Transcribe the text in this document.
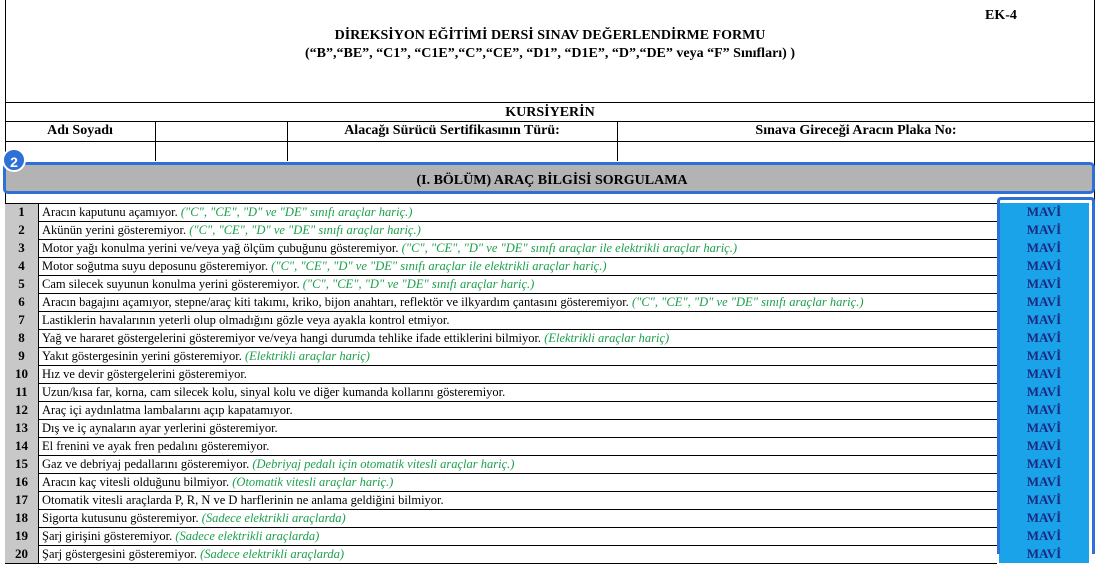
EK-4
DİREKSİYON EĞİTİMİ DERSİ SINAV DEĞERLENDİRME FORMU
(“B”,“BE”, “C1”, “C1E”,“C”,“CE”, “D1”, “D1E”, “D”,“DE” veya “F” Sınıfları) )
KURSİYERİN
Adı Soyadı	Alacağı Sürücü Sertifikasının Türü:	Sınava Gireceği Aracın Plaka No:
(I. BÖLÜM) ARAÇ BİLGİSİ SORGULAMA
2
1	Aracın kaputunu açamıyor. ("C", "CE", "D" ve "DE" sınıfı araçlar hariç.)	MAVİ
2	Akünün yerini gösteremiyor. ("C", "CE", "D" ve "DE" sınıfı araçlar hariç.)	MAVİ
3	Motor yağı konulma yerini ve/veya yağ ölçüm çubuğunu gösteremiyor. ("C", "CE", "D" ve "DE" sınıfı araçlar ile elektrikli araçlar hariç.)	MAVİ
4	Motor soğutma suyu deposunu gösteremiyor. ("C", "CE", "D" ve "DE" sınıfı araçlar ile elektrikli araçlar hariç.)	MAVİ
5	Cam silecek suyunun konulma yerini gösteremiyor. ("C", "CE", "D" ve "DE" sınıfı araçlar hariç.)	MAVİ
6	Aracın bagajını açamıyor, stepne/araç kiti takımı, kriko, bijon anahtarı, reflektör ve ilkyardım çantasını gösteremiyor. ("C", "CE", "D" ve "DE" sınıfı araçlar hariç.)	MAVİ
7	Lastiklerin havalarının yeterli olup olmadığını gözle veya ayakla kontrol etmiyor.	MAVİ
8	Yağ ve hararet göstergelerini gösteremiyor ve/veya hangi durumda tehlike ifade ettiklerini bilmiyor. (Elektrikli araçlar hariç)	MAVİ
9	Yakıt göstergesinin yerini gösteremiyor. (Elektrikli araçlar hariç)	MAVİ
10	Hız ve devir göstergelerini gösteremiyor.	MAVİ
11	Uzun/kısa far, korna, cam silecek kolu, sinyal kolu ve diğer kumanda kollarını gösteremiyor.	MAVİ
12	Araç içi aydınlatma lambalarını açıp kapatamıyor.	MAVİ
13	Dış ve iç aynaların ayar yerlerini gösteremiyor.	MAVİ
14	El frenini ve ayak fren pedalını gösteremiyor.	MAVİ
15	Gaz ve debriyaj pedallarını gösteremiyor. (Debriyaj pedalı için otomatik vitesli araçlar hariç.)	MAVİ
16	Aracın kaç vitesli olduğunu bilmiyor. (Otomatik vitesli araçlar hariç.)	MAVİ
17	Otomatik vitesli araçlarda P, R, N ve D harflerinin ne anlama geldiğini bilmiyor.	MAVİ
18	Sigorta kutusunu gösteremiyor. (Sadece elektrikli araçlarda)	MAVİ
19	Şarj girişini gösteremiyor. (Sadece elektrikli araçlarda)	MAVİ
20	Şarj göstergesini gösteremiyor. (Sadece elektrikli araçlarda)	MAVİ
